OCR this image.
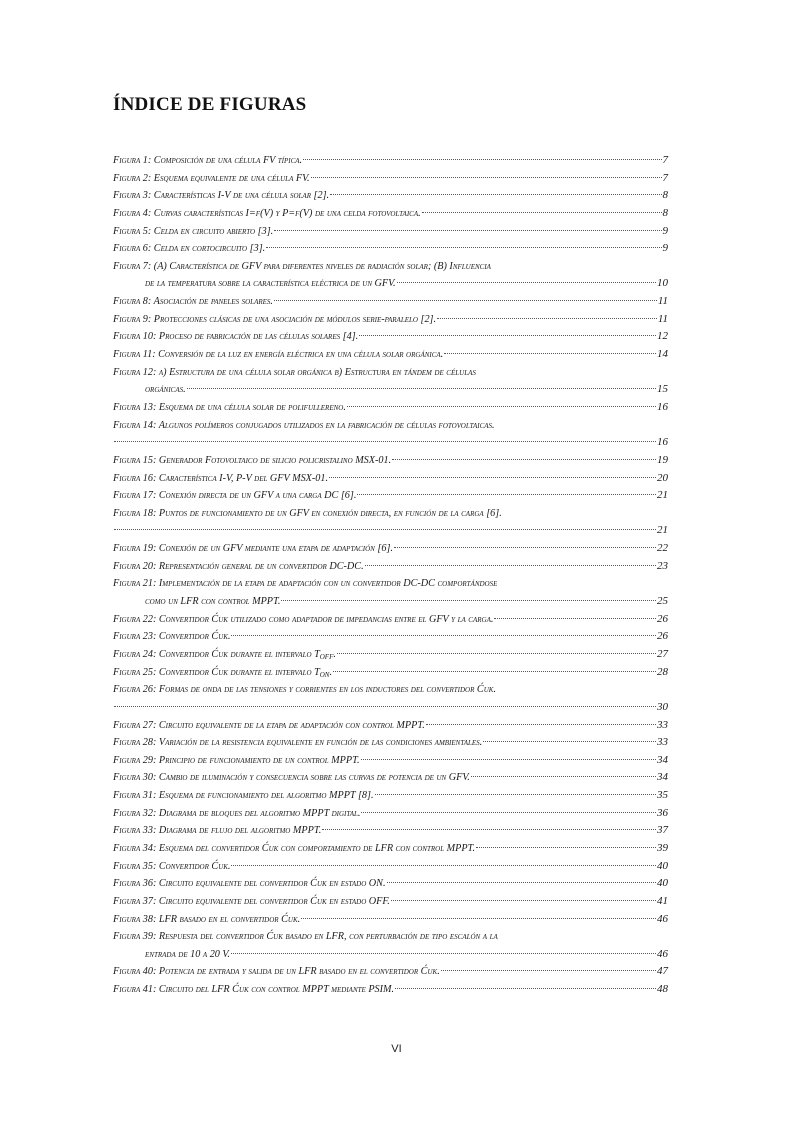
ÍNDICE DE FIGURAS
Figura 1: Composición de una célula FV típica.	7
Figura 2: Esquema equivalente de una célula FV.	7
Figura 3: Características I-V de una célula solar [2].	8
Figura 4: Curvas características I=f(V) y P=f(V) de una celda fotovoltaica.	8
Figura 5: Celda en circuito abierto [3].	9
Figura 6: Celda en cortocircuito [3].	9
Figura 7: (A) Característica de GFV para diferentes niveles de radiación solar; (B) Influencia
de la temperatura sobre la característica eléctrica de un GFV.	10
Figura 8: Asociación de paneles solares.	11
Figura 9: Protecciones clásicas de una asociación de módulos serie-paralelo [2].	11
Figura 10: Proceso de fabricación de las células solares [4].	12
Figura 11: Conversión de la luz en energía eléctrica en una célula solar orgánica.	14
Figura 12: a) Estructura de una célula solar orgánica b) Estructura en tándem de células
orgánicas.	15
Figura 13: Esquema de una célula solar de polifullereno.	16
Figura 14: Algunos polímeros conjugados utilizados en la fabricación de células fotovoltaicas.
16
Figura 15: Generador Fotovoltaico de silicio policristalino MSX-01.	19
Figura 16: Característica I-V, P-V del GFV MSX-01.	20
Figura 17: Conexión directa de un GFV a una carga DC [6].	21
Figura 18: Puntos de funcionamiento de un GFV en conexión directa, en función de la carga [6].
21
Figura 19: Conexión de un GFV mediante una etapa de adaptación [6].	22
Figura 20: Representación general de un convertidor DC-DC.	23
Figura 21: Implementación de la etapa de adaptación con un convertidor DC-DC comportándose
como un LFR con control MPPT.	25
Figura 22: Convertidor Ćuk utilizado como adaptador de impedancias entre el GFV y la carga.	26
Figura 23: Convertidor Ćuk.	26
Figura 24: Convertidor Ćuk durante el intervalo $T_{OFF}$.	27
Figura 25: Convertidor Ćuk durante el intervalo $T_{ON}$.	28
Figura 26: Formas de onda de las tensiones y corrientes en los inductores del convertidor Ćuk.
30
Figura 27: Circuito equivalente de la etapa de adaptación con control MPPT.	33
Figura 28: Variación de la resistencia equivalente en función de las condiciones ambientales.	33
Figura 29: Principio de funcionamiento de un control MPPT.	34
Figura 30: Cambio de iluminación y consecuencia sobre las curvas de potencia de un GFV.	34
Figura 31: Esquema de funcionamiento del algoritmo MPPT [8].	35
Figura 32: Diagrama de bloques del algoritmo MPPT digital.	36
Figura 33: Diagrama de flujo del algoritmo MPPT.	37
Figura 34: Esquema del convertidor Ćuk con comportamiento de LFR con control MPPT.	39
Figura 35: Convertidor Ćuk.	40
Figura 36: Circuito equivalente del convertidor Ćuk en estado ON.	40
Figura 37: Circuito equivalente del convertidor Ćuk en estado OFF.	41
Figura 38: LFR basado en el convertidor Ćuk.	46
Figura 39: Respuesta del convertidor Ćuk basado en LFR, con perturbación de tipo escalón a la
entrada de 10 a 20 V.	46
Figura 40: Potencia de entrada y salida de un LFR basado en el convertidor Ćuk.	47
Figura 41: Circuito del LFR Ćuk con control MPPT mediante PSIM.	48
VI
